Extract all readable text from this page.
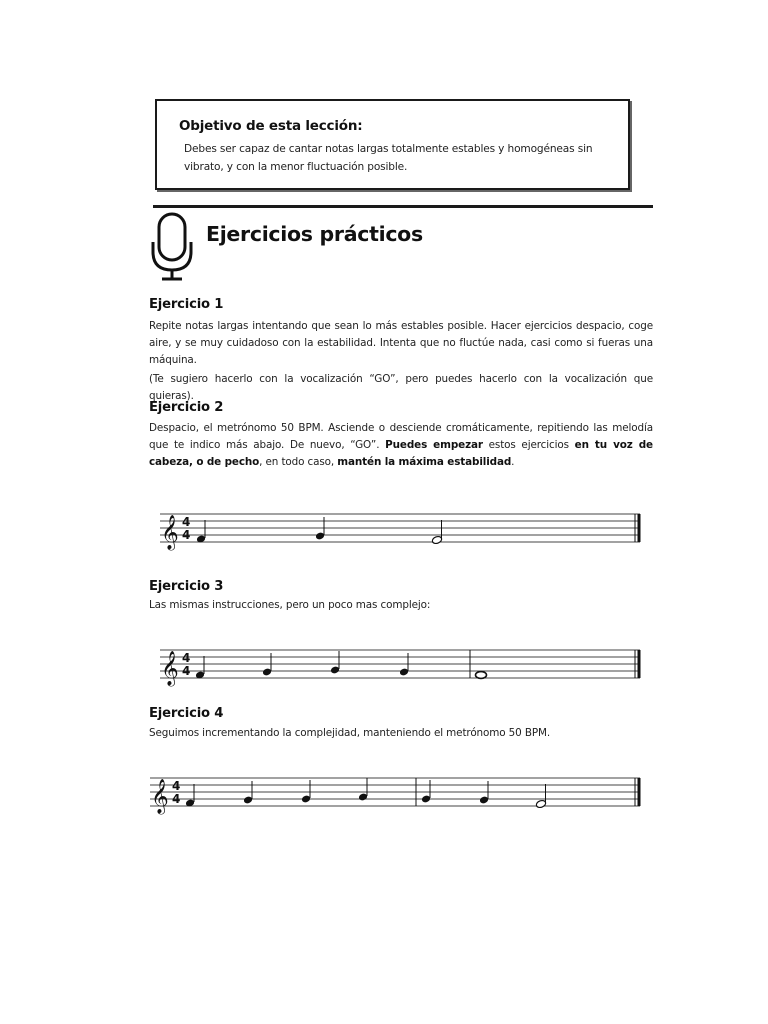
Objetivo de esta lección:
Debes ser capaz de cantar notas largas totalmente estables y homogéneas sin vibrato, y con la menor fluctuación posible.
Ejercicios prácticos
Ejercicio 1

Repite notas largas intentando que sean lo más estables posible. Hacer ejercicios despacio, coge aire, y se muy cuidadoso con la estabilidad. Intenta que no fluctúe nada, casi como si fueras una máquina.

(Te sugiero hacerlo con la vocalización “GO”, pero puedes hacerlo con la vocalización que quieras).

Ejercicio 2

Despacio, el metrónomo 50 BPM. Asciende o desciende cromáticamente, repitiendo las melodía que te indico más abajo. De nuevo, “GO”. Puedes empezar estos ejercicios en tu voz de cabeza, o de pecho, en todo caso, mantén la máxima estabilidad.

𝄞 4
4
Ejercicio 3

Las mismas instrucciones, pero un poco mas complejo:

𝄞 4
4
Ejercicio 4

Seguimos incrementando la complejidad, manteniendo el metrónomo 50 BPM.

𝄞 4
4
